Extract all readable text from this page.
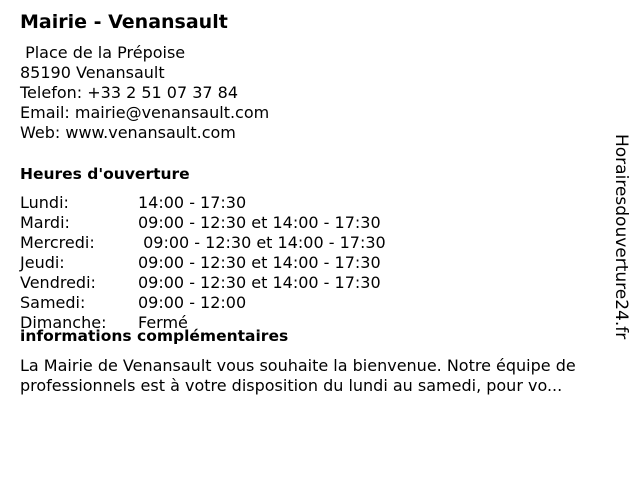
Mairie - Venansault
Place de la Prépoise
85190 Venansault
Telefon: +33 2 51 07 37 84
Email: mairie@venansault.com
Web: www.venansault.com
Heures d'ouverture
Lundi:	14:00 - 17:30
Mardi:	09:00 - 12:30 et 14:00 - 17:30
Mercredi:	09:00 - 12:30 et 14:00 - 17:30
Jeudi:	09:00 - 12:30 et 14:00 - 17:30
Vendredi:	09:00 - 12:30 et 14:00 - 17:30
Samedi:	09:00 - 12:00
Dimanche: Fermé
informations complémentaires

La Mairie de Venansault vous souhaite la bienvenue. Notre équipe de professionnels est à votre disposition du lundi au samedi, pour vo...

Horairesdouverture24.fr
